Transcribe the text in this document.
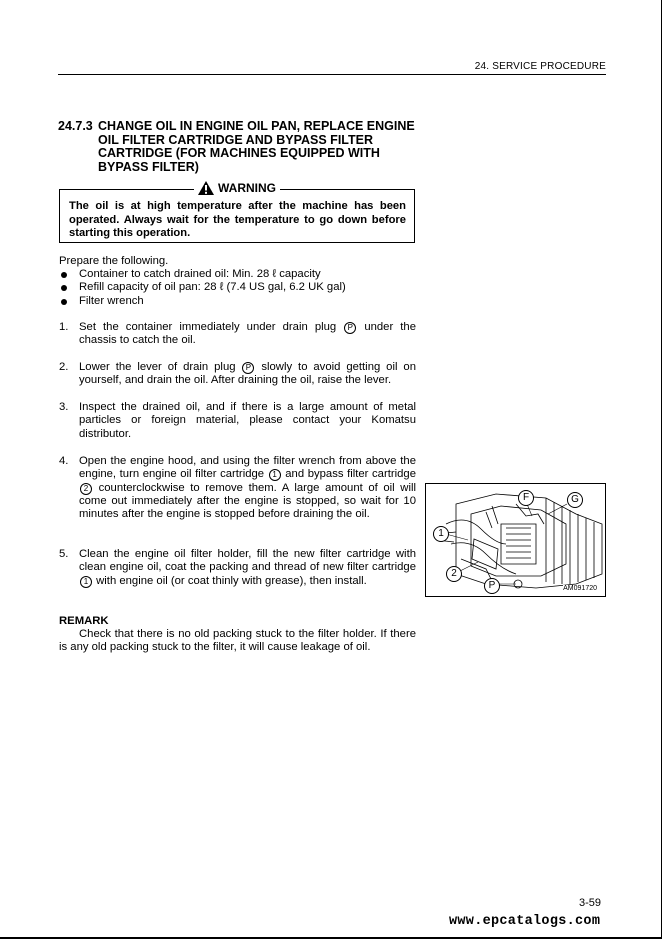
24. SERVICE PROCEDURE
24.7.3 CHANGE OIL IN ENGINE OIL PAN, REPLACE ENGINE OIL FILTER CARTRIDGE AND BYPASS FILTER CARTRIDGE (FOR MACHINES EQUIPPED WITH BYPASS FILTER)
WARNING
The oil is at high temperature after the machine has been operated. Always wait for the temperature to go down before starting this operation.
Prepare the following.
Container to catch drained oil: Min. 28 ℓ capacity
Refill capacity of oil pan: 28 ℓ (7.4 US gal, 6.2 UK gal)
Filter wrench
1. Set the container immediately under drain plug P under the chassis to catch the oil.
2. Lower the lever of drain plug P slowly to avoid getting oil on yourself, and drain the oil. After draining the oil, raise the lever.
3. Inspect the drained oil, and if there is a large amount of metal particles or foreign material, please contact your Komatsu distributor.
4. Open the engine hood, and using the filter wrench from above the engine, turn engine oil filter cartridge 1 and bypass filter cartridge 2 counterclockwise to remove them. A large amount of oil will come out immediately after the engine is stopped, so wait for 10 minutes after the engine is stopped before draining the oil.
5. Clean the engine oil filter holder, fill the new filter cartridge with clean engine oil, coat the packing and thread of new filter cartridge 1 with engine oil (or coat thinly with grease), then install.
REMARK
Check that there is no old packing stuck to the filter holder. If there is any old packing stuck to the filter, it will cause leakage of oil.
F	G
1
2
P	AM091720
3-59
www.epcatalogs.com
